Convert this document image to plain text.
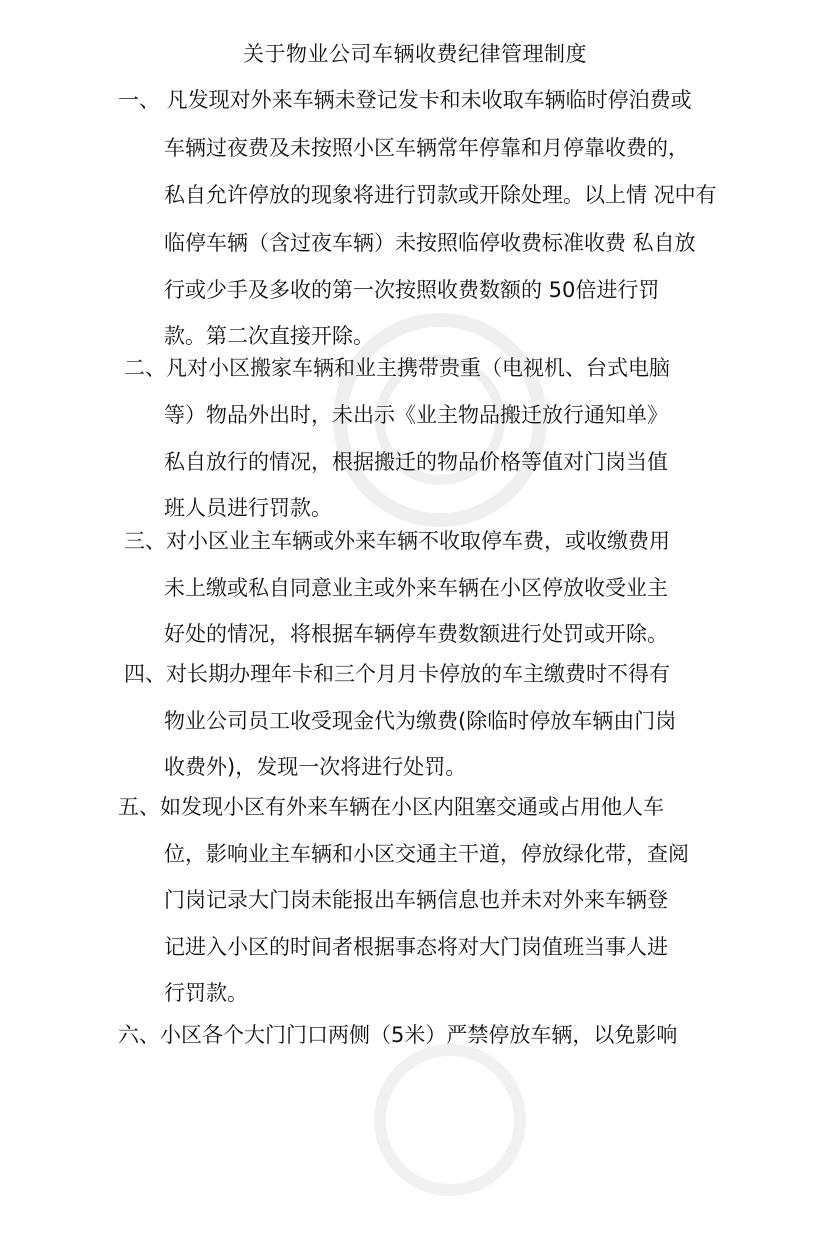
关于物业公司车辆收费纪律管理制度
一、 凡发现对外来车辆未登记发卡和未收取车辆临时停泊费或
车辆过夜费及未按照小区车辆常年停靠和月停靠收费的，
私自允许停放的现象将进行罚款或开除处理。以上情 况中有
临停车辆（含过夜车辆）未按照临停收费标准收费 私自放
行或少手及多收的第一次按照收费数额的 50倍进行罚
款。第二次直接开除。
二、凡对小区搬家车辆和业主携带贵重（电视机、台式电脑
等）物品外出时，未出示《业主物品搬迁放行通知单》
私自放行的情况，根据搬迁的物品价格等值对门岗当值
班人员进行罚款。
三、对小区业主车辆或外来车辆不收取停车费，或收缴费用
未上缴或私自同意业主或外来车辆在小区停放收受业主
好处的情况，将根据车辆停车费数额进行处罚或开除。
四、对长期办理年卡和三个月月卡停放的车主缴费时不得有
物业公司员工收受现金代为缴费(除临时停放车辆由门岗
收费外)，发现一次将进行处罚。
五、如发现小区有外来车辆在小区内阻塞交通或占用他人车
位，影响业主车辆和小区交通主干道，停放绿化带，查阅
门岗记录大门岗未能报出车辆信息也并未对外来车辆登
记进入小区的时间者根据事态将对大门岗值班当事人进
行罚款。
六、小区各个大门门口两侧（5米）严禁停放车辆，以免影响
